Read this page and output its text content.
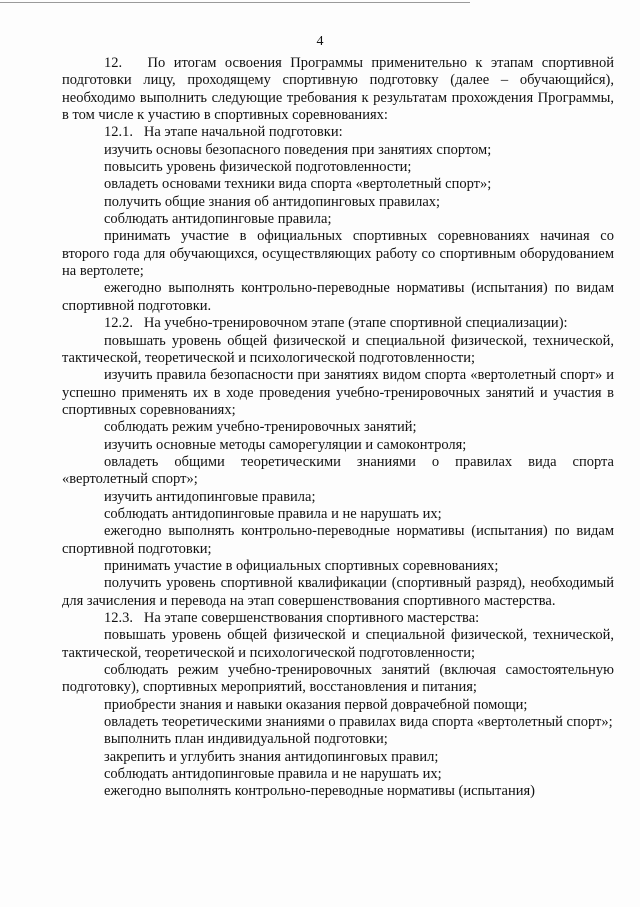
4

12.   По итогам освоения Программы применительно к этапам спортивной подготовки лицу, проходящему спортивную подготовку (далее – обучающийся), необходимо выполнить следующие требования к результатам прохождения Программы, в том числе к участию в спортивных соревнованиях:

12.1.   На этапе начальной подготовки:

изучить основы безопасного поведения при занятиях спортом;

повысить уровень физической подготовленности;

овладеть основами техники вида спорта «вертолетный спорт»;

получить общие знания об антидопинговых правилах;

соблюдать антидопинговые правила;

принимать участие в официальных спортивных соревнованиях начиная со второго года для обучающихся, осуществляющих работу со спортивным оборудованием на вертолете;

ежегодно выполнять контрольно-переводные нормативы (испытания) по видам спортивной подготовки.

12.2.   На учебно-тренировочном этапе (этапе спортивной специализации):

повышать уровень общей физической и специальной физической, технической, тактической, теоретической и психологической подготовленности;

изучить правила безопасности при занятиях видом спорта «вертолетный спорт» и успешно применять их в ходе проведения учебно-тренировочных занятий и участия в спортивных соревнованиях;

соблюдать режим учебно-тренировочных занятий;

изучить основные методы саморегуляции и самоконтроля;

овладеть общими теоретическими знаниями о правилах вида спорта «вертолетный спорт»;

изучить антидопинговые правила;

соблюдать антидопинговые правила и не нарушать их;

ежегодно выполнять контрольно-переводные нормативы (испытания) по видам спортивной подготовки;

принимать участие в официальных спортивных соревнованиях;

получить уровень спортивной квалификации (спортивный разряд), необходимый для зачисления и перевода на этап совершенствования спортивного мастерства.

12.3.   На этапе совершенствования спортивного мастерства:

повышать уровень общей физической и специальной физической, технической, тактической, теоретической и психологической подготовленности;

соблюдать режим учебно-тренировочных занятий (включая самостоятельную подготовку), спортивных мероприятий, восстановления и питания;

приобрести знания и навыки оказания первой доврачебной помощи;

овладеть теоретическими знаниями о правилах вида спорта «вертолетный спорт»;

выполнить план индивидуальной подготовки;

закрепить и углубить знания антидопинговых правил;

соблюдать антидопинговые правила и не нарушать их;

ежегодно выполнять контрольно-переводные нормативы (испытания)
